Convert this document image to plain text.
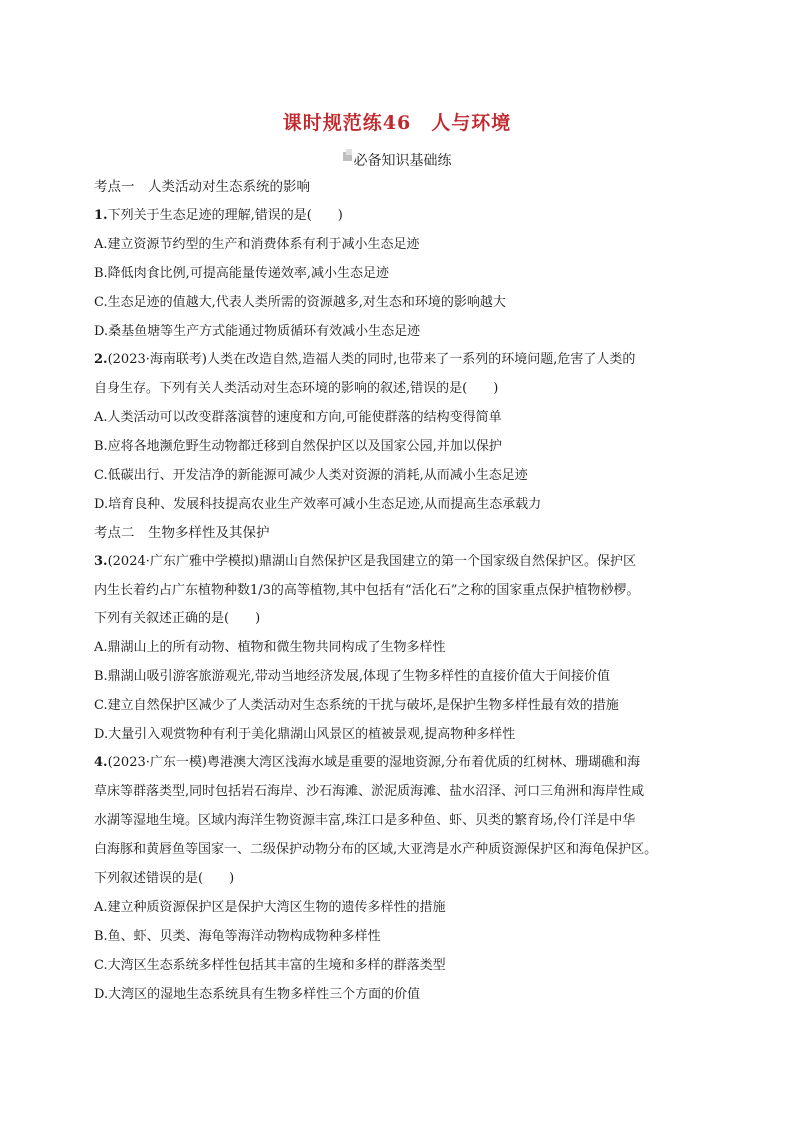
课时规范练46　人与环境
必备知识基础练
考点一　人类活动对生态系统的影响
1.下列关于生态足迹的理解,错误的是(　　)
A.建立资源节约型的生产和消费体系有利于减小生态足迹
B.降低肉食比例,可提高能量传递效率,减小生态足迹
C.生态足迹的值越大,代表人类所需的资源越多,对生态和环境的影响越大
D.桑基鱼塘等生产方式能通过物质循环有效减小生态足迹
2.(2023·海南联考)人类在改造自然,造福人类的同时,也带来了一系列的环境问题,危害了人类的
自身生存。下列有关人类活动对生态环境的影响的叙述,错误的是(　　)
A.人类活动可以改变群落演替的速度和方向,可能使群落的结构变得简单
B.应将各地濒危野生动物都迁移到自然保护区以及国家公园,并加以保护
C.低碳出行、开发洁净的新能源可减少人类对资源的消耗,从而减小生态足迹
D.培育良种、发展科技提高农业生产效率可减小生态足迹,从而提高生态承载力
考点二　生物多样性及其保护
3.(2024·广东广雅中学模拟)鼎湖山自然保护区是我国建立的第一个国家级自然保护区。保护区
内生长着约占广东植物种数1/3的高等植物,其中包括有“活化石”之称的国家重点保护植物桫椤。
下列有关叙述正确的是(　　)
A.鼎湖山上的所有动物、植物和微生物共同构成了生物多样性
B.鼎湖山吸引游客旅游观光,带动当地经济发展,体现了生物多样性的直接价值大于间接价值
C.建立自然保护区减少了人类活动对生态系统的干扰与破坏,是保护生物多样性最有效的措施
D.大量引入观赏物种有利于美化鼎湖山风景区的植被景观,提高物种多样性
4.(2023·广东一模)粤港澳大湾区浅海水域是重要的湿地资源,分布着优质的红树林、珊瑚礁和海
草床等群落类型,同时包括岩石海岸、沙石海滩、淤泥质海滩、盐水沼泽、河口三角洲和海岸性咸
水湖等湿地生境。区域内海洋生物资源丰富,珠江口是多种鱼、虾、贝类的繁育场,伶仃洋是中华
白海豚和黄唇鱼等国家一、二级保护动物分布的区域,大亚湾是水产种质资源保护区和海龟保护区。
下列叙述错误的是(　　)
A.建立种质资源保护区是保护大湾区生物的遗传多样性的措施
B.鱼、虾、贝类、海龟等海洋动物构成物种多样性
C.大湾区生态系统多样性包括其丰富的生境和多样的群落类型
D.大湾区的湿地生态系统具有生物多样性三个方面的价值
